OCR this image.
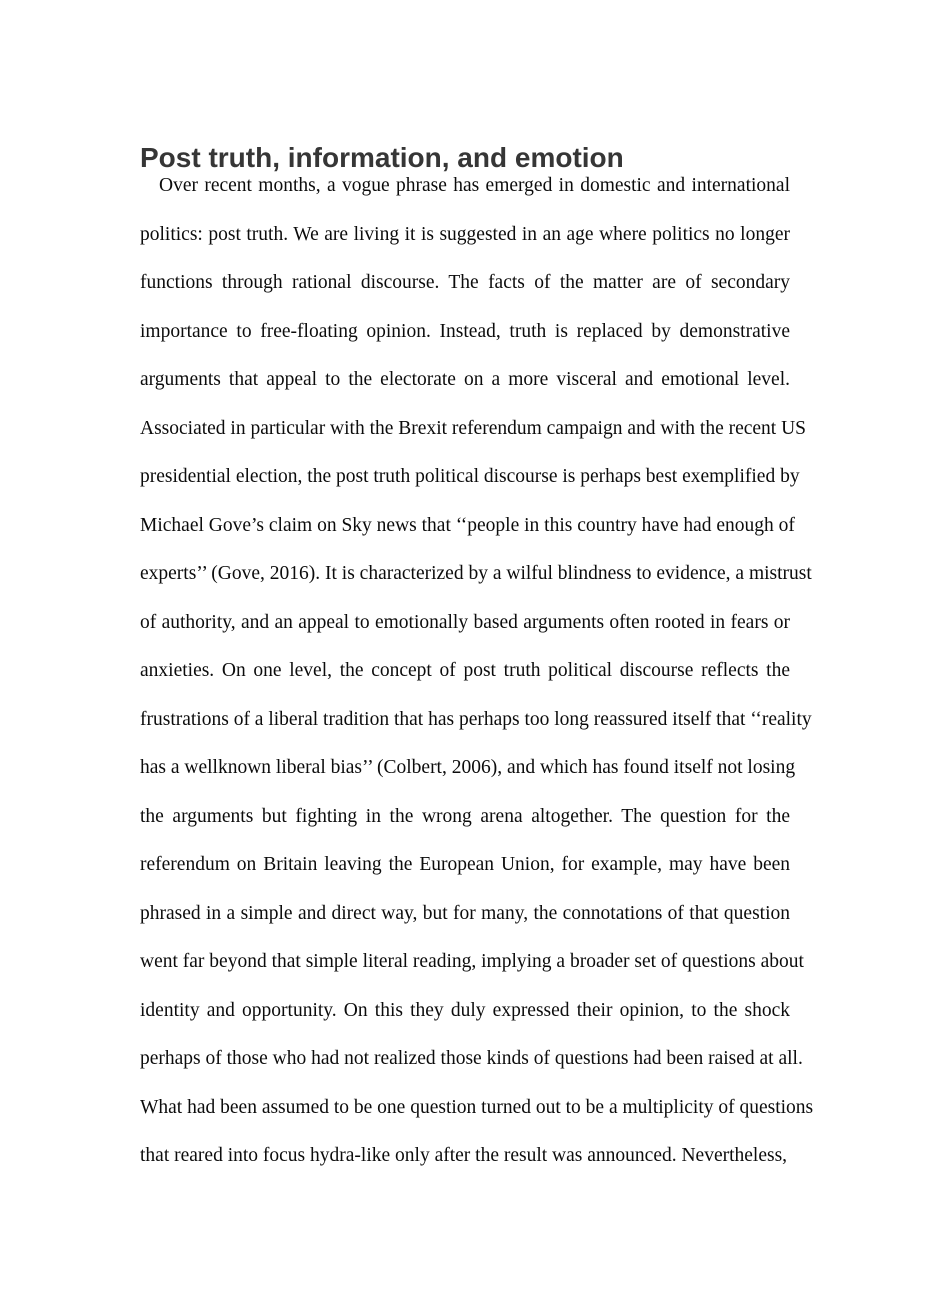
Post truth, information, and emotion
Over recent months, a vogue phrase has emerged in domestic and international
politics: post truth. We are living it is suggested in an age where politics no longer
functions through rational discourse. The facts of the matter are of secondary
importance to free-floating opinion. Instead, truth is replaced by demonstrative
arguments that appeal to the electorate on a more visceral and emotional level.
Associated in particular with the Brexit referendum campaign and with the recent US
presidential election, the post truth political discourse is perhaps best exemplified by
Michael Gove’s claim on Sky news that ‘‘people in this country have had enough of
experts’’ (Gove, 2016). It is characterized by a wilful blindness to evidence, a mistrust
of authority, and an appeal to emotionally based arguments often rooted in fears or
anxieties. On one level, the concept of post truth political discourse reflects the
frustrations of a liberal tradition that has perhaps too long reassured itself that ‘‘reality
has a wellknown liberal bias’’ (Colbert, 2006), and which has found itself not losing
the arguments but fighting in the wrong arena altogether. The question for the
referendum on Britain leaving the European Union, for example, may have been
phrased in a simple and direct way, but for many, the connotations of that question
went far beyond that simple literal reading, implying a broader set of questions about
identity and opportunity. On this they duly expressed their opinion, to the shock
perhaps of those who had not realized those kinds of questions had been raised at all.
What had been assumed to be one question turned out to be a multiplicity of questions
that reared into focus hydra-like only after the result was announced. Nevertheless,
